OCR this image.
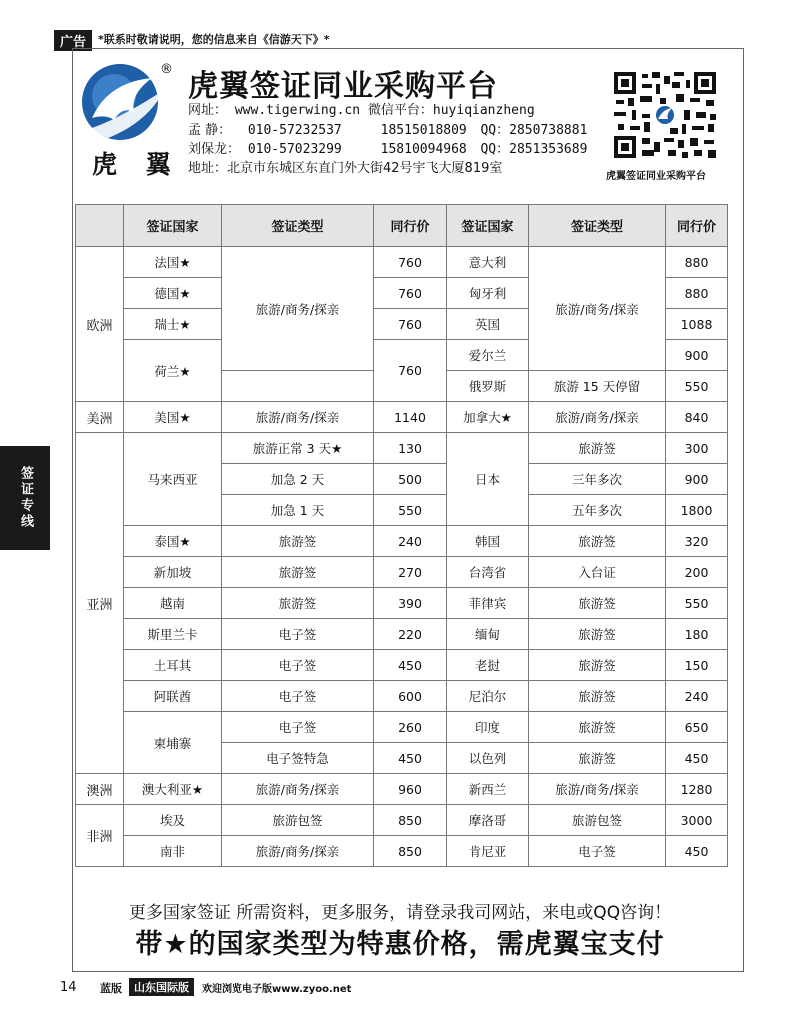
广告	*联系时敬请说明，您的信息来自《信游天下》*
®
虎 翼
虎翼签证同业采购平台
网址： www.tigerwing.cn 微信平台：huyiqianzheng
孟 静： 010-57232537	18515018809 QQ：2850738881
刘保龙： 010-57023299	15810094968 QQ：2851353689
地址：北京市东城区东直门外大街42号宇飞大厦819室
虎翼签证同业采购平台
签证专线
	签证国家	签证类型	同行价	签证国家	签证类型	同行价
欧洲	法国★	旅游/商务/探亲	760	意大利	旅游/商务/探亲	880
	德国★		760	匈牙利		880
	瑞士★		760	英国		1088
	荷兰★		760	爱尔兰		900
				俄罗斯	旅游 15 天停留	550
美洲	美国★	旅游/商务/探亲	1140	加拿大★	旅游/商务/探亲	840
亚洲	马来西亚	旅游正常 3 天★	130	日本	旅游签	300
		加急 2 天	500		三年多次	900
		加急 1 天	550		五年多次	1800
	泰国★	旅游签	240	韩国	旅游签	320
	新加坡	旅游签	270	台湾省	入台证	200
	越南	旅游签	390	菲律宾	旅游签	550
	斯里兰卡	电子签	220	缅甸	旅游签	180
	土耳其	电子签	450	老挝	旅游签	150
	阿联酋	电子签	600	尼泊尔	旅游签	240
	柬埔寨	电子签	260	印度	旅游签	650
		电子签特急	450	以色列	旅游签	450
澳洲	澳大利亚★	旅游/商务/探亲	960	新西兰	旅游/商务/探亲	1280
非洲	埃及	旅游包签	850	摩洛哥	旅游包签	3000
	南非	旅游/商务/探亲	850	肯尼亚	电子签	450
更多国家签证 所需资料，更多服务，请登录我司网站，来电或QQ咨询！
带★的国家类型为特惠价格，需虎翼宝支付
14 蓝版	山东国际版	欢迎浏览电子版www.zyoo.net
